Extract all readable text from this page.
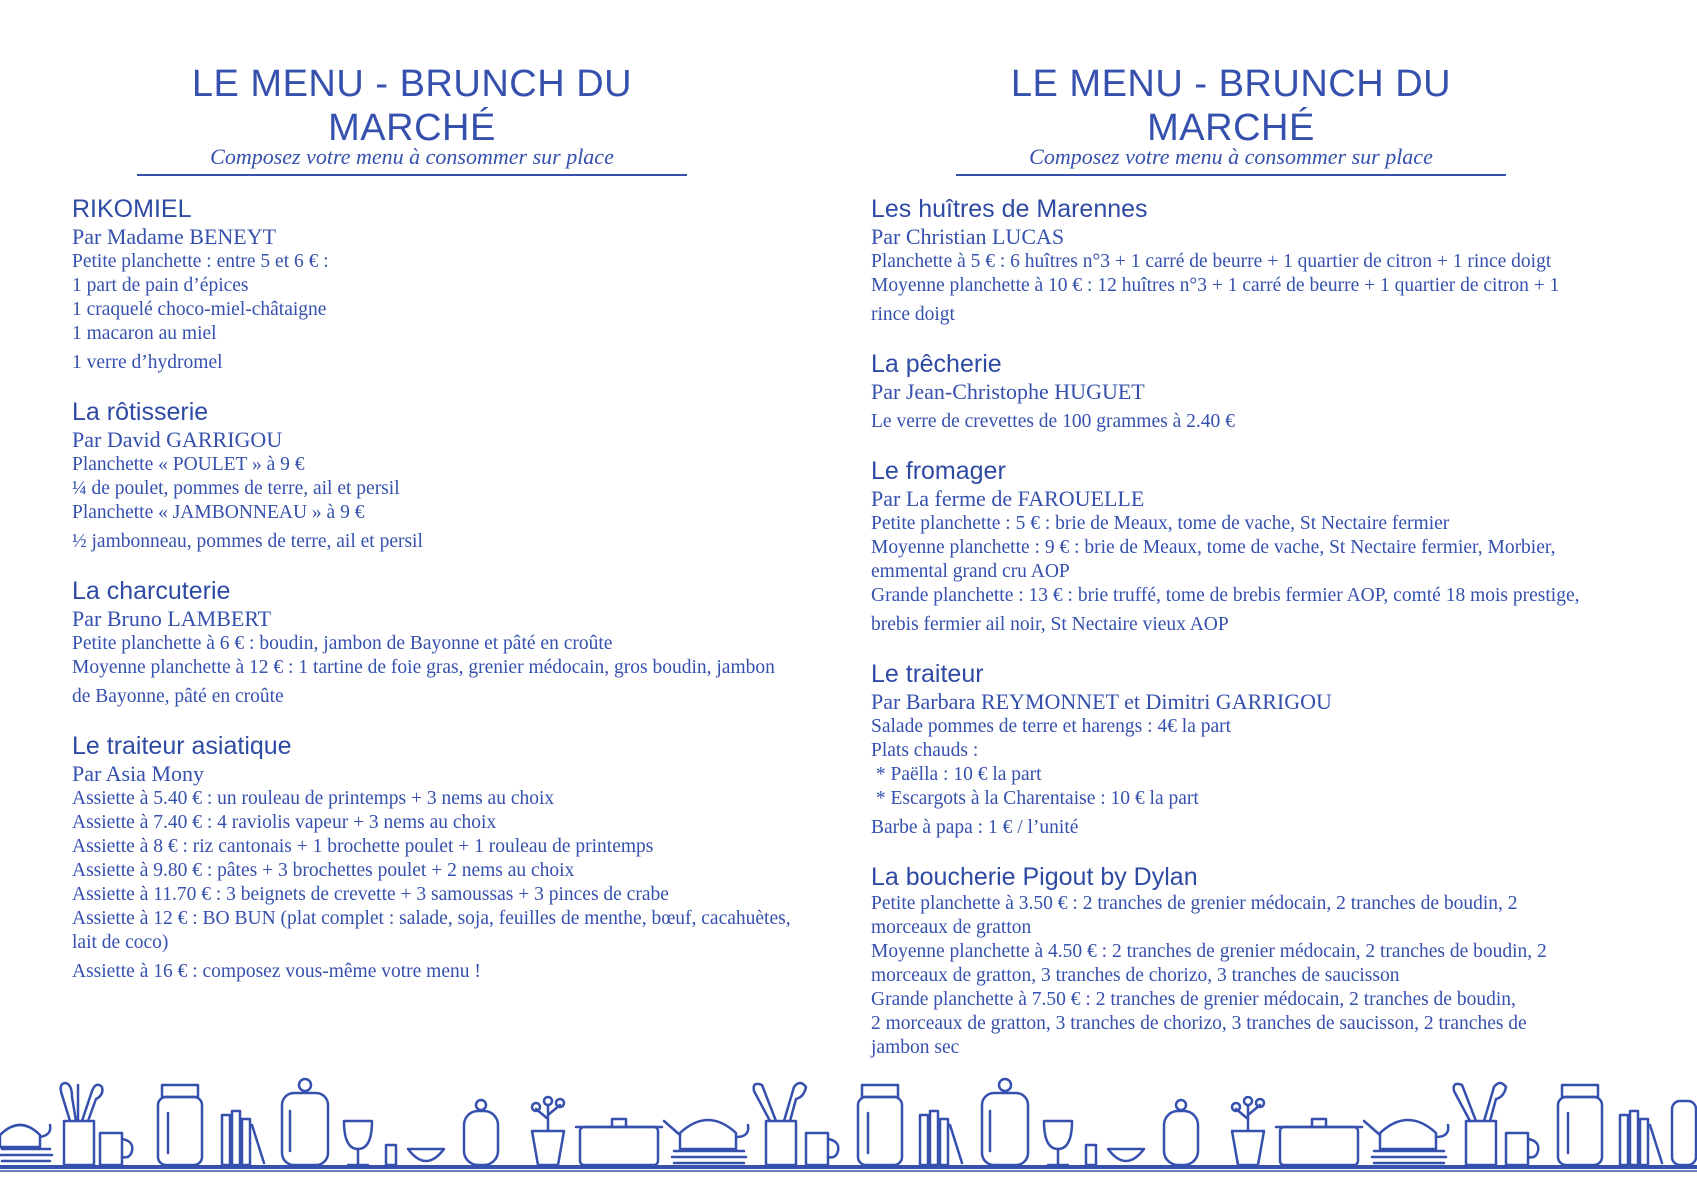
LE MENU - BRUNCH DU MARCHÉ
Composez votre menu à consommer sur place
RIKOMIEL
Par Madame BENEYT
Petite planchette : entre 5 et 6 € :
1 part de pain d’épices
1 craquelé choco-miel-châtaigne
1 macaron au miel
1 verre d’hydromel
La rôtisserie
Par David GARRIGOU
Planchette « POULET » à 9 €
¼ de poulet, pommes de terre, ail et persil
Planchette « JAMBONNEAU » à 9 €
½ jambonneau, pommes de terre, ail et persil
La charcuterie
Par Bruno LAMBERT
Petite planchette à 6 € : boudin, jambon de Bayonne et pâté en croûte
Moyenne planchette à 12 € : 1 tartine de foie gras, grenier médocain, gros boudin, jambon
de Bayonne, pâté en croûte
Le traiteur asiatique
Par Asia Mony
Assiette à 5.40 € : un rouleau de printemps + 3 nems au choix
Assiette à 7.40 € : 4 raviolis vapeur + 3 nems au choix
Assiette à 8 € : riz cantonais + 1 brochette poulet + 1 rouleau de printemps
Assiette à 9.80 € : pâtes + 3 brochettes poulet + 2 nems au choix
Assiette à 11.70 € : 3 beignets de crevette + 3 samoussas + 3 pinces de crabe
Assiette à 12 € : BO BUN (plat complet : salade, soja, feuilles de menthe, bœuf, cacahuètes,
lait de coco)
Assiette à 16 € : composez vous-même votre menu !
LE MENU - BRUNCH DU MARCHÉ
Composez votre menu à consommer sur place
Les huîtres de Marennes
Par Christian LUCAS
Planchette à 5 € : 6 huîtres n°3 + 1 carré de beurre + 1 quartier de citron + 1 rince doigt
Moyenne planchette à 10 € : 12 huîtres n°3 + 1 carré de beurre + 1 quartier de citron + 1
rince doigt
La pêcherie
Par Jean-Christophe HUGUET
Le verre de crevettes de 100 grammes à 2.40 €
Le fromager
Par La ferme de FAROUELLE
Petite planchette : 5 € : brie de Meaux, tome de vache, St Nectaire fermier
Moyenne planchette : 9 € : brie de Meaux, tome de vache, St Nectaire fermier, Morbier,
emmental grand cru AOP
Grande planchette : 13 € : brie truffé, tome de brebis fermier AOP, comté 18 mois prestige,
brebis fermier ail noir, St Nectaire vieux AOP
Le traiteur
Par Barbara REYMONNET et Dimitri GARRIGOU
Salade pommes de terre et harengs : 4€ la part
Plats chauds :
* Paëlla : 10 € la part
* Escargots à la Charentaise : 10 € la part
Barbe à papa : 1 € / l’unité
La boucherie Pigout by Dylan
Petite planchette à 3.50 € : 2 tranches de grenier médocain, 2 tranches de boudin, 2
morceaux de gratton
Moyenne planchette à 4.50 € : 2 tranches de grenier médocain, 2 tranches de boudin, 2
morceaux de gratton, 3 tranches de chorizo, 3 tranches de saucisson
Grande planchette à 7.50 € : 2 tranches de grenier médocain, 2 tranches de boudin,
2 morceaux de gratton, 3 tranches de chorizo, 3 tranches de saucisson, 2 tranches de
jambon sec
